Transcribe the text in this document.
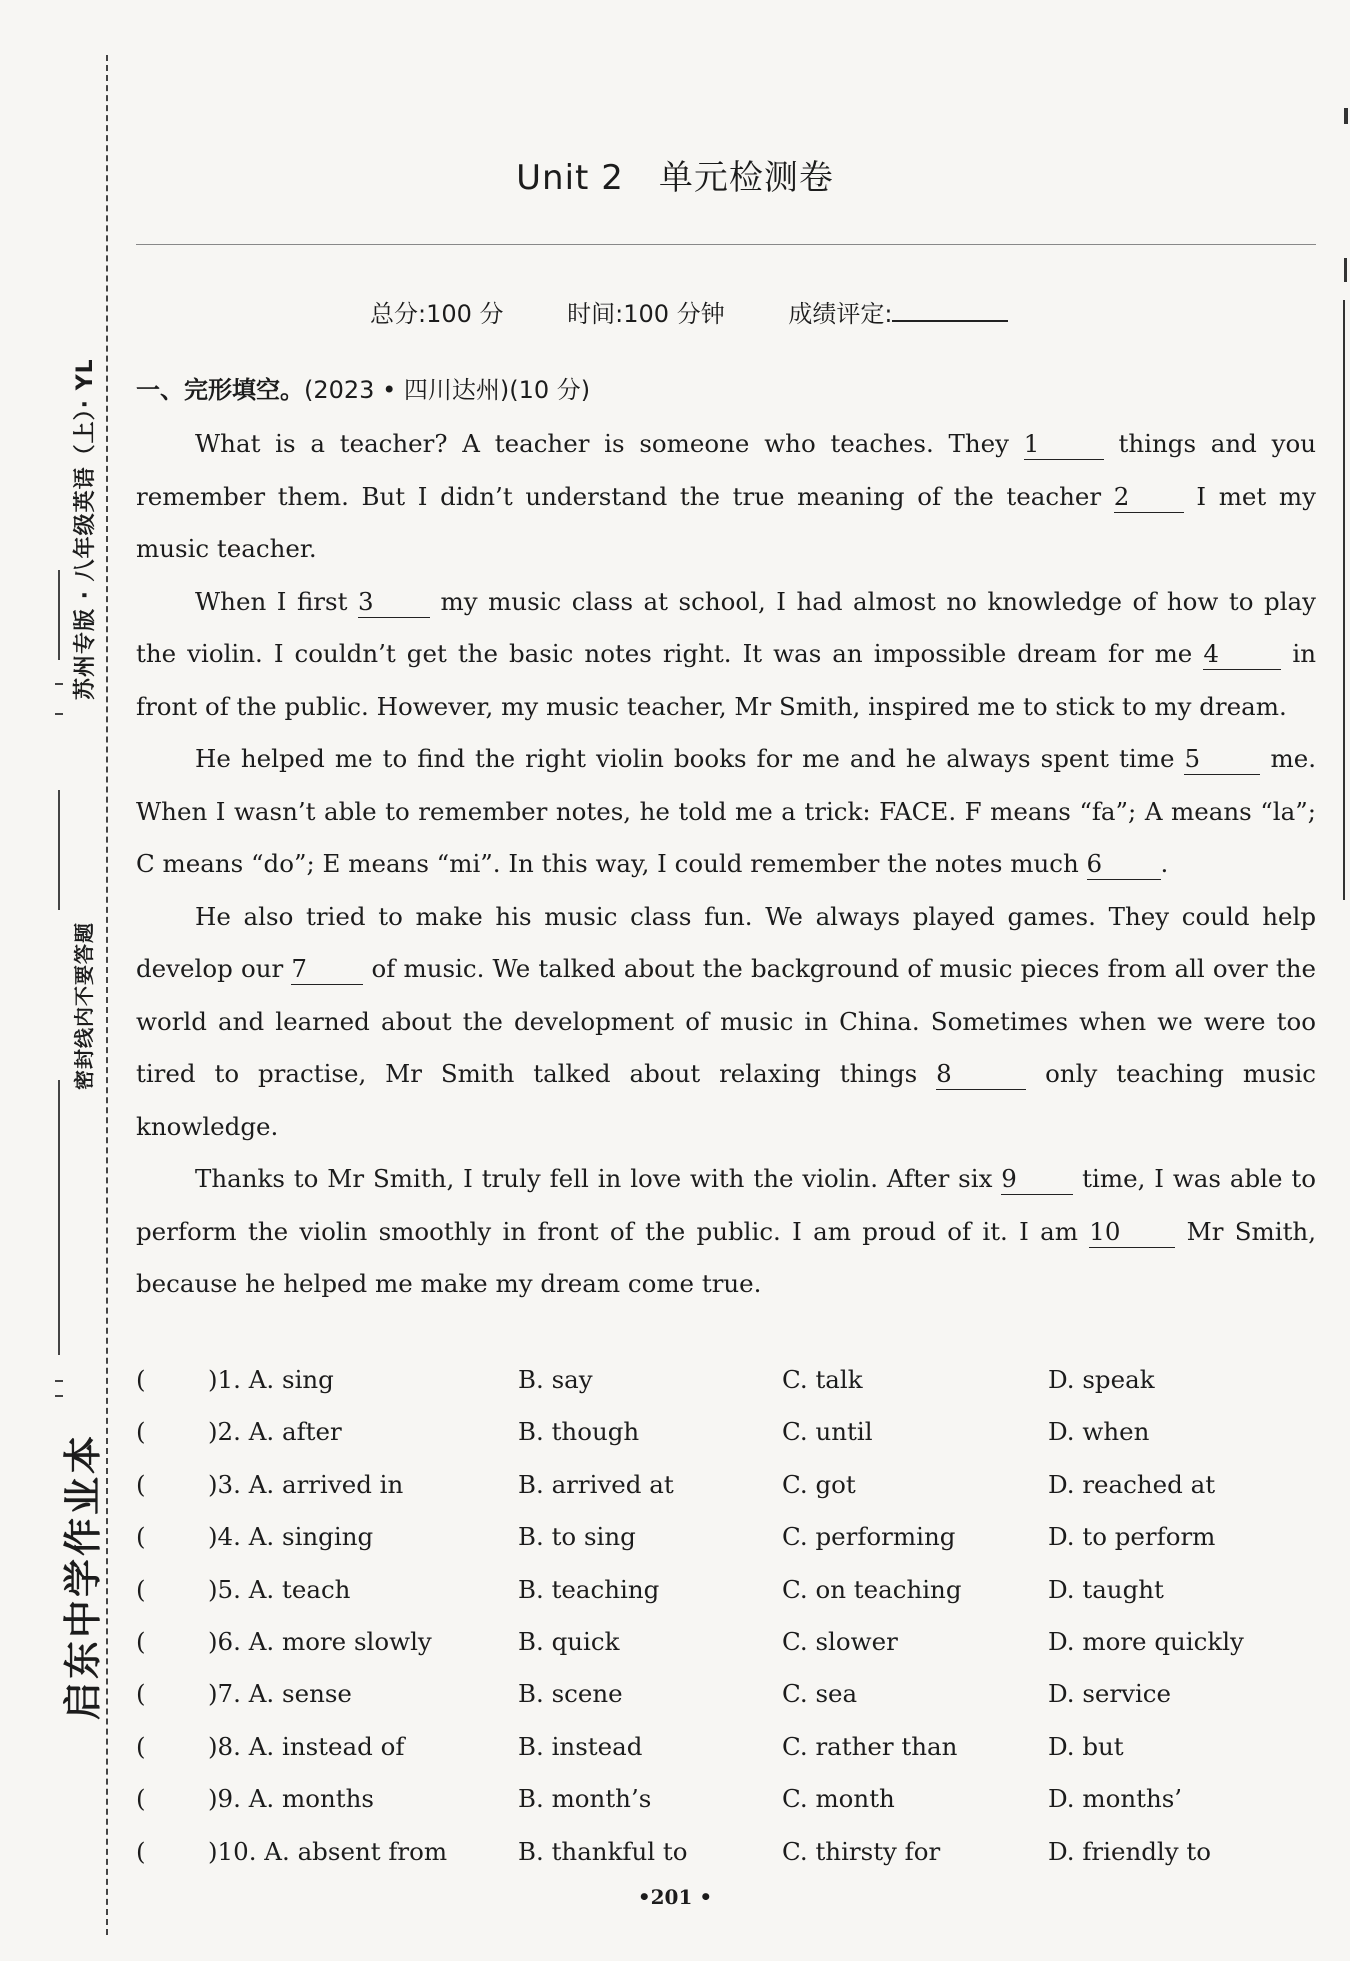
苏州专版 · 八年级英语（上）· YL
密封线内不要答题
启东中学作业本
Unit 2　单元检测卷
总分:100 分	时间:100 分钟	成绩评定:
一、完形填空。(2023 • 四川达州)(10 分)

What is a teacher? A teacher is someone who teaches. They 1	things and you remember them. But I didn’t understand the true meaning of the teacher 2 I met my music teacher.

When I first 3 my music class at school, I had almost no knowledge of how to play the violin. I couldn’t get the basic notes right. It was an impossible dream for me 4	in front of the public. However, my music teacher, Mr Smith, inspired me to stick to my dream.

He helped me to find the right violin books for me and he always spent time 5 me. When I wasn’t able to remember notes, he told me a trick: FACE. F means “fa”; A means “la”; C means “do”; E means “mi”. In this way, I could remember the notes much 6 .

He also tried to make his music class fun. We always played games. They could help develop our 7 of music. We talked about the background of music pieces from all over the world and learned about the development of music in China. Sometimes when we were too tired to practise, Mr Smith talked about relaxing things 8	only teaching music knowledge.

Thanks to Mr Smith, I truly fell in love with the violin. After six 9 time, I was able to perform the violin smoothly in front of the public. I am proud of it. I am 10 Mr Smith, because he helped me make my dream come true.

(	)1. A. sing	B. say	C. talk	D. speak
(	)2. A. after	B. though	C. until	D. when
(	)3. A. arrived in	B. arrived at	C. got	D. reached at
(	)4. A. singing	B. to sing	C. performing	D. to perform
(	)5. A. teach	B. teaching	C. on teaching	D. taught
(	)6. A. more slowly	B. quick	C. slower	D. more quickly
(	)7. A. sense	B. scene	C. sea	D. service
(	)8. A. instead of	B. instead	C. rather than	D. but
(	)9. A. months	B. month’s	C. month	D. months’
(	)10. A. absent from	B. thankful to	C. thirsty for	D. friendly to
•201 •
